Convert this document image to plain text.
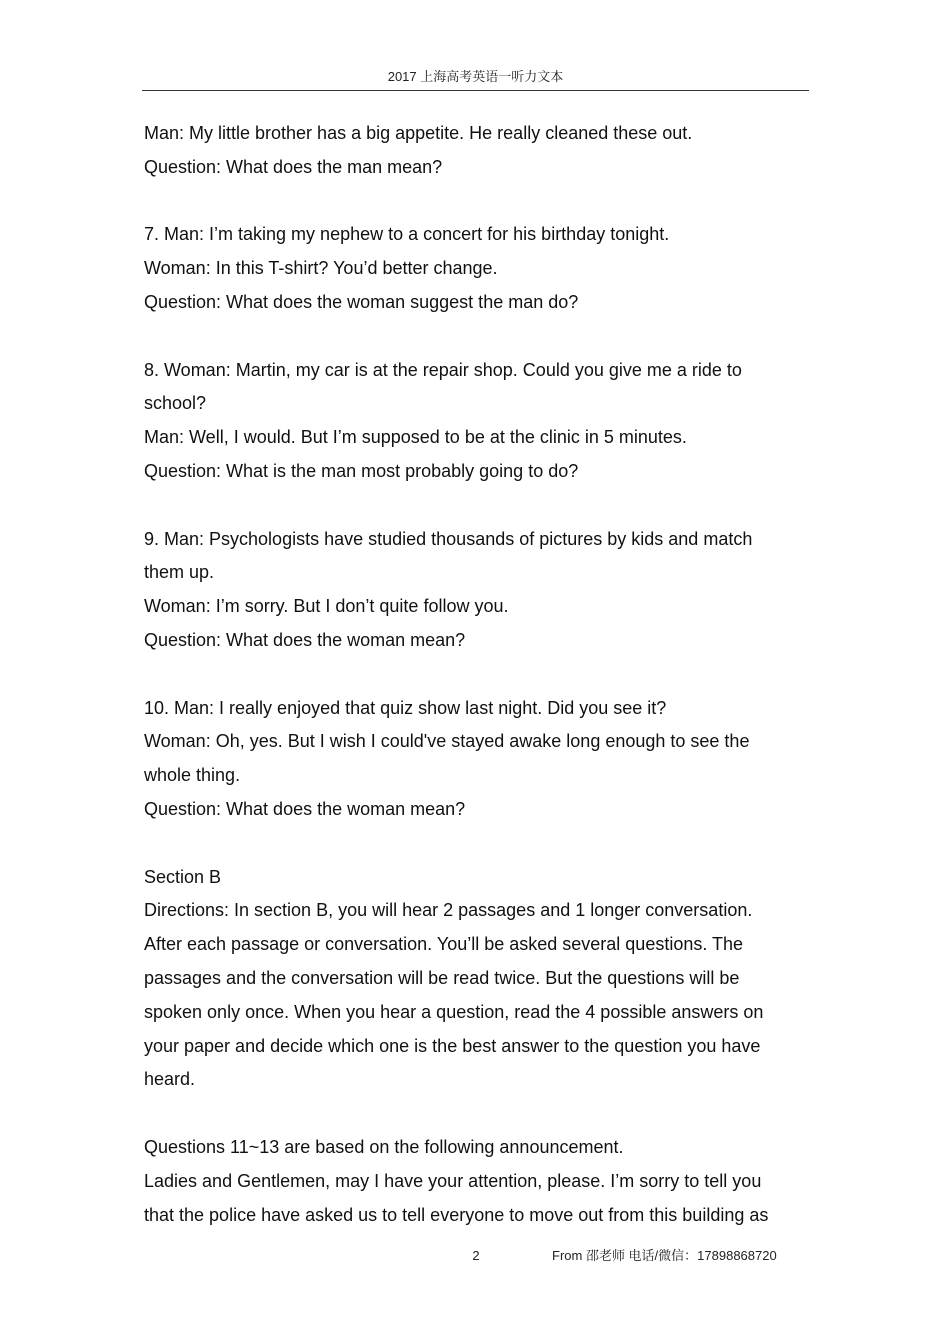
2017 上海高考英语一听力文本
Man: My little brother has a big appetite. He really cleaned these out.
Question: What does the man mean?
7. Man: I’m taking my nephew to a concert for his birthday tonight.
Woman: In this T-shirt? You’d better change.
Question: What does the woman suggest the man do?
8. Woman: Martin, my car is at the repair shop. Could you give me a ride to
school?
Man: Well, I would. But I’m supposed to be at the clinic in 5 minutes.
Question: What is the man most probably going to do?
9. Man: Psychologists have studied thousands of pictures by kids and match
them up.
Woman: I’m sorry. But I don’t quite follow you.
Question: What does the woman mean?
10. Man: I really enjoyed that quiz show last night. Did you see it?
Woman: Oh, yes. But I wish I could've stayed awake long enough to see the
whole thing.
Question: What does the woman mean?
Section B
Directions: In section B, you will hear 2 passages and 1 longer conversation.
After each passage or conversation. You’ll be asked several questions. The
passages and the conversation will be read twice. But the questions will be
spoken only once. When you hear a question, read the 4 possible answers on
your paper and decide which one is the best answer to the question you have
heard.
Questions 11~13 are based on the following announcement.
Ladies and Gentlemen, may I have your attention, please. I’m sorry to tell you
that the police have asked us to tell everyone to move out from this building as
2	From 邵老师 电话/微信：17898868720
